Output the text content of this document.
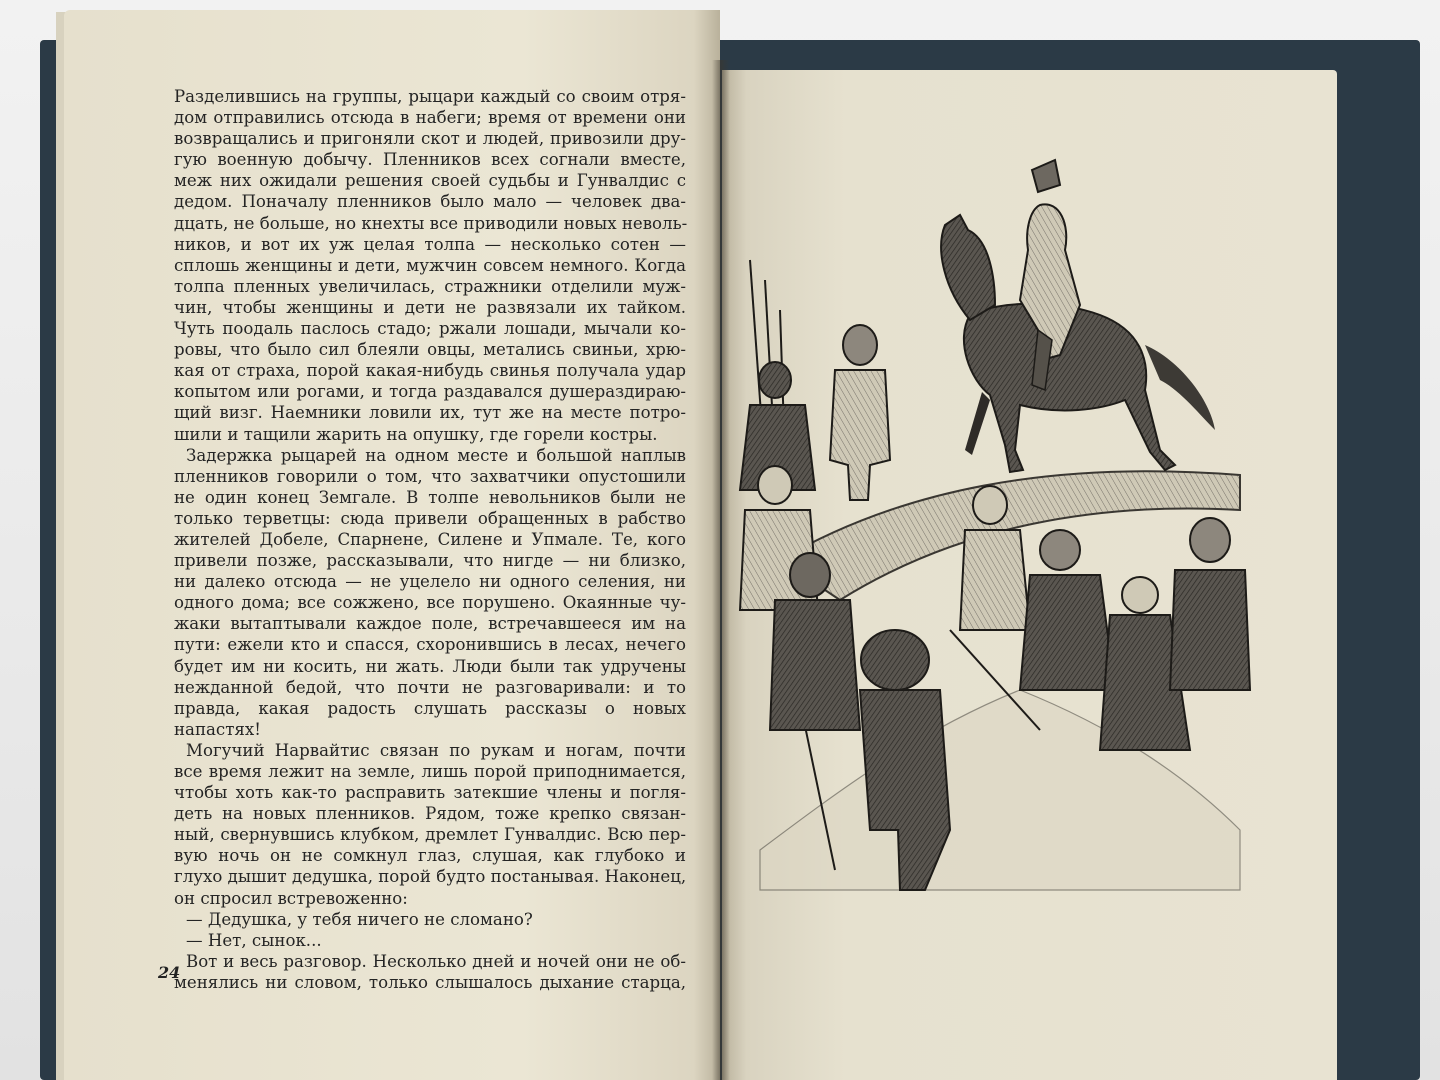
Разделившись на группы, рыцари каждый со своим отря-
дом отправились отсюда в набеги; время от времени они
возвращались и пригоняли скот и людей, привозили дру-
гую военную добычу. Пленников всех согнали вместе,
меж них ожидали решения своей судьбы и Гунвалдис с
дедом. Поначалу пленников было мало — человек два-
дцать, не больше, но кнехты все приводили новых неволь-
ников, и вот их уж целая толпа — несколько сотен —
сплошь женщины и дети, мужчин совсем немного. Когда
толпа пленных увеличилась, стражники отделили муж-
чин, чтобы женщины и дети не развязали их тайком.
Чуть поодаль паслось стадо; ржали лошади, мычали ко-
ровы, что было сил блеяли овцы, метались свиньи, хрю-
кая от страха, порой какая-нибудь свинья получала удар
копытом или рогами, и тогда раздавался душераздираю-
щий визг. Наемники ловили их, тут же на месте потро-
шили и тащили жарить на опушку, где горели костры.
Задержка рыцарей на одном месте и большой наплыв
пленников говорили о том, что захватчики опустошили
не один конец Земгале. В толпе невольников были не
только терветцы: сюда привели обращенных в рабство
жителей Добеле, Спарнене, Силене и Упмале. Те, кого
привели позже, рассказывали, что нигде — ни близко,
ни далеко отсюда — не уцелело ни одного селения, ни
одного дома; все сожжено, все порушено. Окаянные чу-
жаки вытаптывали каждое поле, встречавшееся им на
пути: ежели кто и спасся, схоронившись в лесах, нечего
будет им ни косить, ни жать. Люди были так удручены
нежданной бедой, что почти не разговаривали: и то
правда, какая радость слушать рассказы о новых
напастях!
Могучий Нарвайтис связан по рукам и ногам, почти
все время лежит на земле, лишь порой приподнимается,
чтобы хоть как-то расправить затекшие члены и погля-
деть на новых пленников. Рядом, тоже крепко связан-
ный, свернувшись клубком, дремлет Гунвалдис. Всю пер-
вую ночь он не сомкнул глаз, слушая, как глубоко и
глухо дышит дедушка, порой будто постанывая. Наконец,
он спросил встревоженно:
— Дедушка, у тебя ничего не сломано?
— Нет, сынок...
Вот и весь разговор. Несколько дней и ночей они не об-
менялись ни словом, только слышалось дыхание старца,
24
